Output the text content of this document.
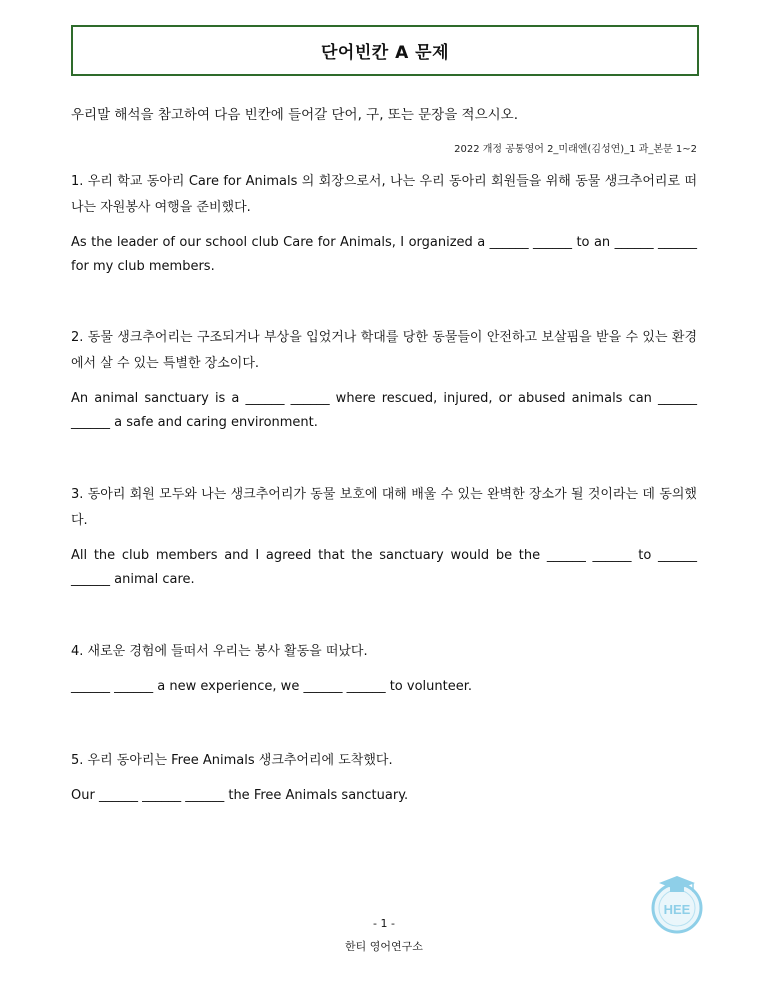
단어빈칸 A 문제
우리말 해석을 참고하여 다음 빈칸에 들어갈 단어, 구, 또는 문장을 적으시오.
2022 개정 공통영어 2_미래엔(김성연)_1 과_본문 1~2
1. 우리 학교 동아리 Care for Animals 의 회장으로서, 나는 우리 동아리 회원들을 위해 동물 생크추어리로 떠나는 자원봉사 여행을 준비했다.
As the leader of our school club Care for Animals, I organized a ______ ______ to an ______ ______ for my club members.
2. 동물 생크추어리는 구조되거나 부상을 입었거나 학대를 당한 동물들이 안전하고 보살핌을 받을 수 있는 환경에서 살 수 있는 특별한 장소이다.
An animal sanctuary is a ______ ______ where rescued, injured, or abused animals can ______ ______ a safe and caring environment.
3. 동아리 회원 모두와 나는 생크추어리가 동물 보호에 대해 배울 수 있는 완벽한 장소가 될 것이라는 데 동의했다.
All the club members and I agreed that the sanctuary would be the ______ ______ to ______ ______ animal care.
4. 새로운 경험에 들떠서 우리는 봉사 활동을 떠났다.
______ ______ a new experience, we ______ ______ to volunteer.
5. 우리 동아리는 Free Animals 생크추어리에 도착했다.
Our ______ ______ ______ the Free Animals sanctuary.
HEE
- 1 -
한티 영어연구소
